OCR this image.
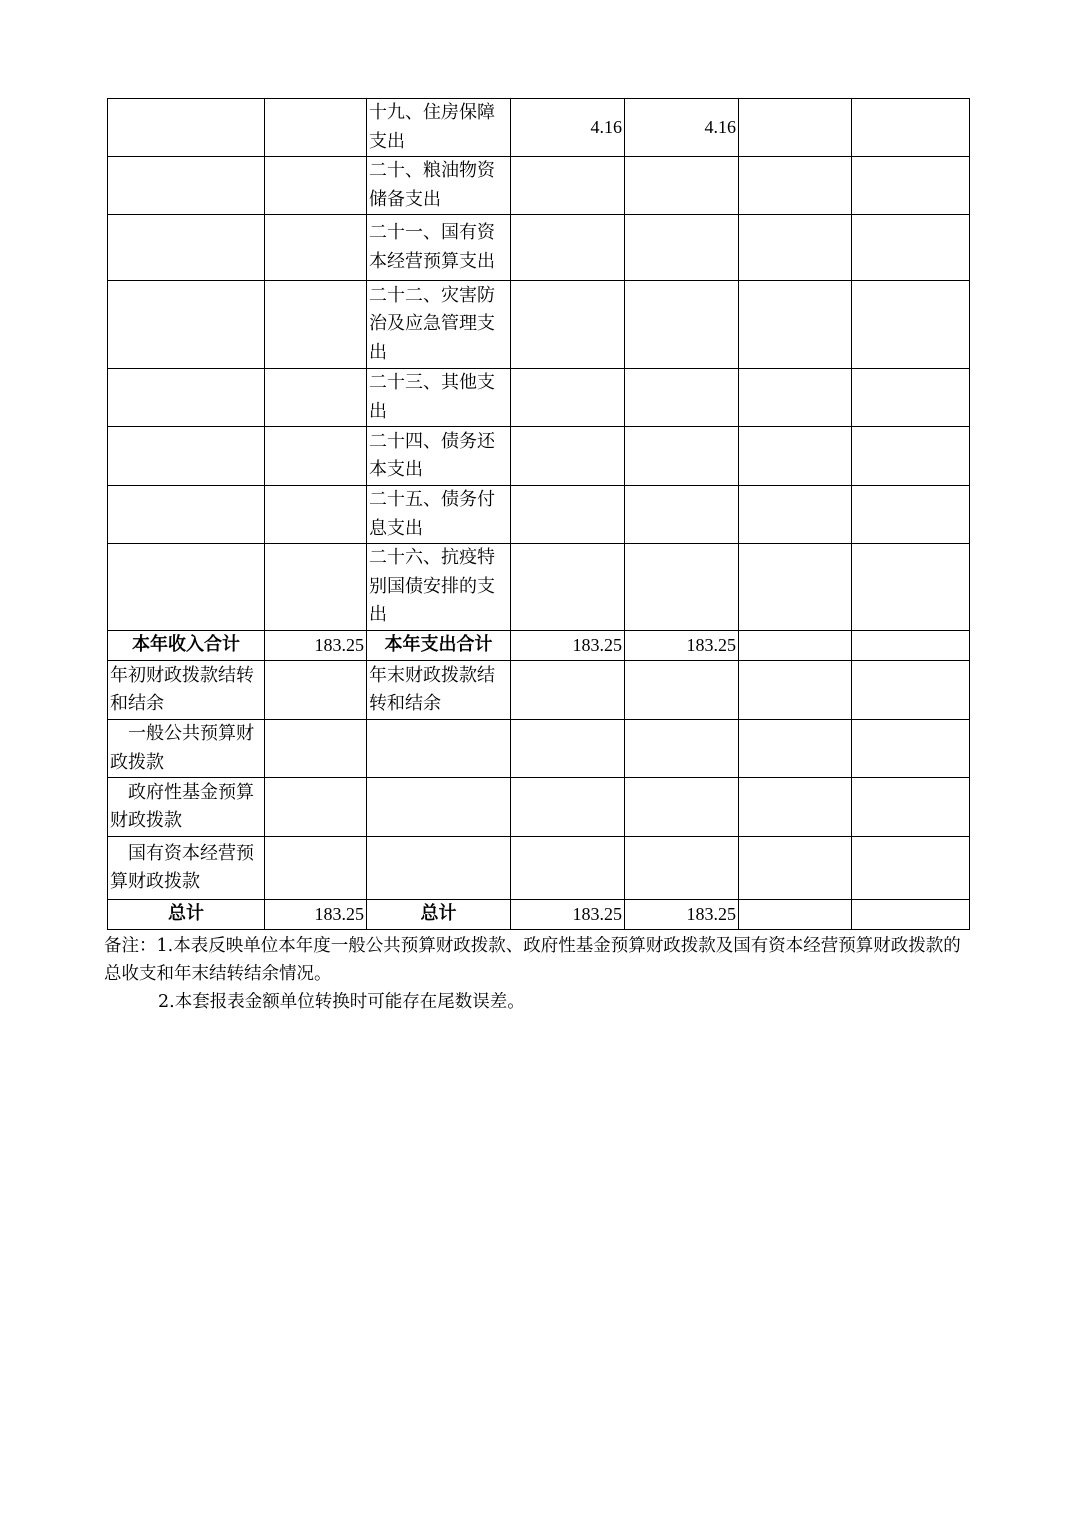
		十九、住房保障支出	4.16	4.16		
		二十、粮油物资储备支出				
		二十一、国有资本经营预算支出				
		二十二、灾害防治及应急管理支出				
		二十三、其他支出				
		二十四、债务还本支出				
		二十五、债务付息支出				
		二十六、抗疫特别国债安排的支出				
本年收入合计	183.25	本年支出合计	183.25	183.25		
年初财政拨款结转和结余		年末财政拨款结转和结余				
一般公共预算财政拨款						
政府性基金预算财政拨款						
国有资本经营预算财政拨款						
总计	183.25	总计	183.25	183.25		

备注：1.本表反映单位本年度一般公共预算财政拨款、政府性基金预算财政拨款及国有资本经营预算财政拨款的总收支和年末结转结余情况。

2.本套报表金额单位转换时可能存在尾数误差。
